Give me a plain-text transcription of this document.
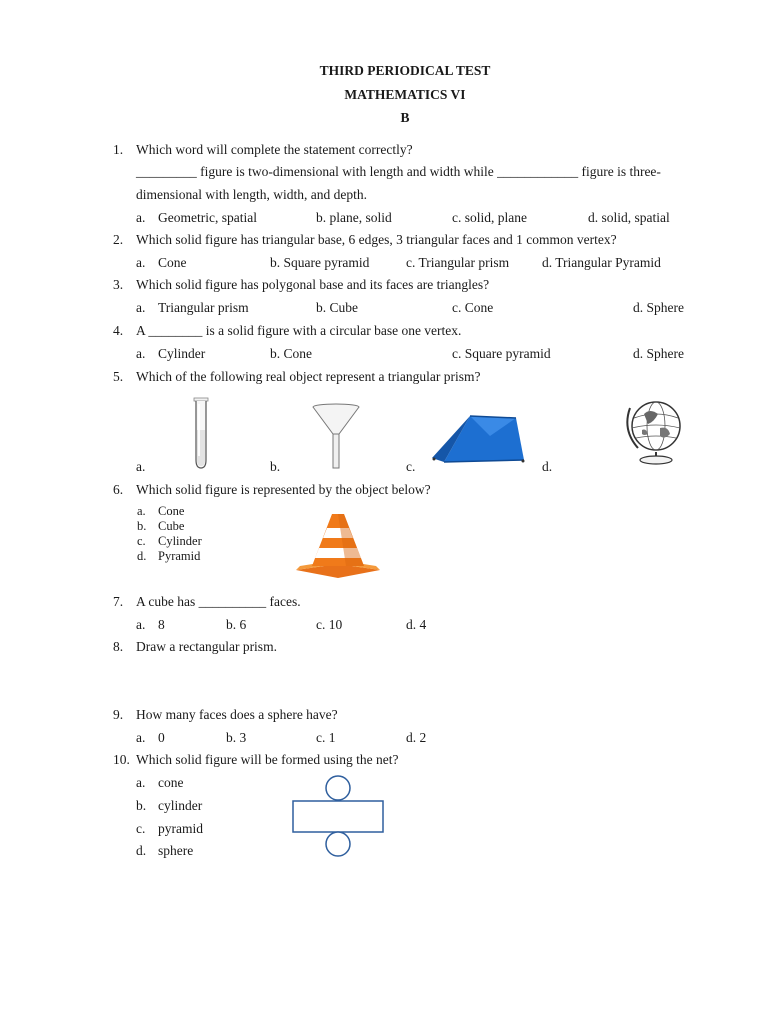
THIRD PERIODICAL TEST
MATHEMATICS VI
B
1. Which word will complete the statement correctly?
_________ figure is two-dimensional with length and width while ____________ figure is three-
dimensional with length, width, and depth.
a. Geometric, spatial	b. plane, solid	c. solid, plane	d. solid, spatial
2. Which solid figure has triangular base, 6 edges, 3 triangular faces and 1 common vertex?
a. Cone	b. Square pyramid	c. Triangular prism d. Triangular Pyramid
3. Which solid figure has polygonal base and its faces are triangles?
a. Triangular prism	b. Cube	c. Cone	d. Sphere
4. A ________ is a solid figure with a circular base one vertex.
a. Cylinder	b. Cone	c. Square pyramid	d. Sphere
5. Which of the following real object represent a triangular prism?
a.	b.	c.	d.
6. Which solid figure is represented by the object below?
a. Cone
b. Cube
c. Cylinder
d. Pyramid
7. A cube has __________ faces.
a. 8	b. 6	c. 10	d. 4
8. Draw a rectangular prism.
9. How many faces does a sphere have?
a. 0	b. 3	c. 1	d. 2
10. Which solid figure will be formed using the net?
a. cone
b. cylinder
c. pyramid
d. sphere
